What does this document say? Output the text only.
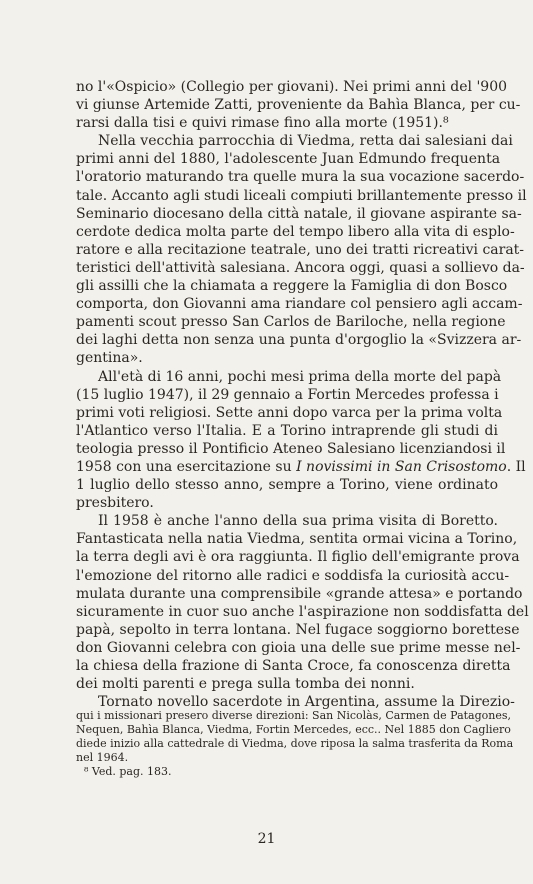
no l'«Ospicio» (Collegio per giovani). Nei primi anni del '900
vi giunse Artemide Zatti, proveniente da Bahìa Blanca, per cu-
rarsi dalla tisi e quivi rimase fino alla morte (1951).⁸
Nella vecchia parrocchia di Viedma, retta dai salesiani dai
primi anni del 1880, l'adolescente Juan Edmundo frequenta
l'oratorio maturando tra quelle mura la sua vocazione sacerdo-
tale. Accanto agli studi liceali compiuti brillantemente presso il
Seminario diocesano della città natale, il giovane aspirante sa-
cerdote dedica molta parte del tempo libero alla vita di esplo-
ratore e alla recitazione teatrale, uno dei tratti ricreativi carat-
teristici dell'attività salesiana. Ancora oggi, quasi a sollievo da-
gli assilli che la chiamata a reggere la Famiglia di don Bosco
comporta, don Giovanni ama riandare col pensiero agli accam-
pamenti scout presso San Carlos de Bariloche, nella regione
dei laghi detta non senza una punta d'orgoglio la «Svizzera ar-
gentina».
All'età di 16 anni, pochi mesi prima della morte del papà
(15 luglio 1947), il 29 gennaio a Fortin Mercedes professa i
primi voti religiosi. Sette anni dopo varca per la prima volta
l'Atlantico verso l'Italia. E a Torino intraprende gli studi di
teologia presso il Pontificio Ateneo Salesiano licenziandosi il
1958 con una esercitazione su I novissimi in San Crisostomo. Il
1 luglio dello stesso anno, sempre a Torino, viene ordinato
presbitero.
Il 1958 è anche l'anno della sua prima visita di Boretto.
Fantasticata nella natia Viedma, sentita ormai vicina a Torino,
la terra degli avi è ora raggiunta. Il figlio dell'emigrante prova
l'emozione del ritorno alle radici e soddisfa la curiosità accu-
mulata durante una comprensibile «grande attesa» e portando
sicuramente in cuor suo anche l'aspirazione non soddisfatta del
papà, sepolto in terra lontana. Nel fugace soggiorno borettese
don Giovanni celebra con gioia una delle sue prime messe nel-
la chiesa della frazione di Santa Croce, fa conoscenza diretta
dei molti parenti e prega sulla tomba dei nonni.
Tornato novello sacerdote in Argentina, assume la Direzio-
qui i missionari presero diverse direzioni: San Nicolàs, Carmen de Patagones,
Nequen, Bahìa Blanca, Viedma, Fortin Mercedes, ecc.. Nel 1885 don Cagliero
diede inizio alla cattedrale di Viedma, dove riposa la salma trasferita da Roma
nel 1964.
⁸ Ved. pag. 183.
21
